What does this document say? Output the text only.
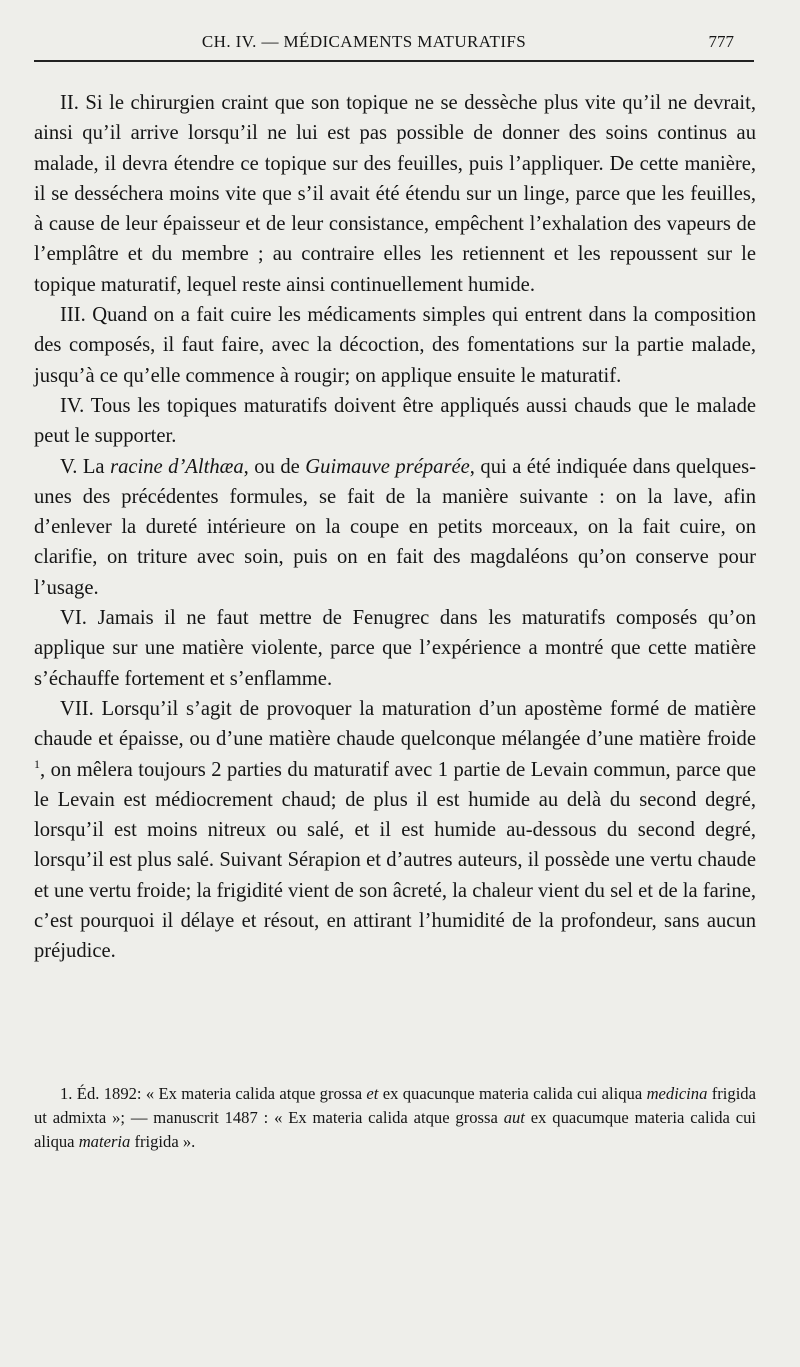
CH. IV. — MÉDICAMENTS MATURATIFS	777

II. Si le chirurgien craint que son topique ne se dessèche plus vite qu’il ne devrait, ainsi qu’il arrive lorsqu’il ne lui est pas possible de donner des soins continus au malade, il devra étendre ce topique sur des feuilles, puis l’appliquer. De cette manière, il se desséchera moins vite que s’il avait été étendu sur un linge, parce que les feuilles, à cause de leur épaisseur et de leur consistance, empêchent l’exhalation des vapeurs de l’emplâtre et du membre ; au contraire elles les retiennent et les repoussent sur le topique maturatif, lequel reste ainsi continuellement humide.

III. Quand on a fait cuire les médicaments simples qui entrent dans la composition des composés, il faut faire, avec la décoction, des fomentations sur la partie malade, jusqu’à ce qu’elle commence à rougir; on applique ensuite le maturatif.

IV. Tous les topiques maturatifs doivent être appliqués aussi chauds que le malade peut le supporter.

V. La racine d’Althæa, ou de Guimauve préparée, qui a été indiquée dans quelques-unes des précédentes formules, se fait de la manière suivante : on la lave, afin d’enlever la dureté intérieure on la coupe en petits morceaux, on la fait cuire, on clarifie, on triture avec soin, puis on en fait des magdaléons qu’on conserve pour l’usage.

VI. Jamais il ne faut mettre de Fenugrec dans les maturatifs composés qu’on applique sur une matière violente, parce que l’expérience a montré que cette matière s’échauffe fortement et s’enflamme.

VII. Lorsqu’il s’agit de provoquer la maturation d’un apostème formé de matière chaude et épaisse, ou d’une matière chaude quelconque mélangée d’une matière froide $^1$, on mêlera toujours 2 parties du maturatif avec 1 partie de Levain commun, parce que le Levain est médiocrement chaud; de plus il est humide au delà du second degré, lorsqu’il est moins nitreux ou salé, et il est humide au-dessous du second degré, lorsqu’il est plus salé. Suivant Sérapion et d’autres auteurs, il possède une vertu chaude et une vertu froide; la frigidité vient de son âcreté, la chaleur vient du sel et de la farine, c’est pourquoi il délaye et résout, en attirant l’humidité de la profondeur, sans aucun préjudice.

1. Éd. 1892: « Ex materia calida atque grossa et ex quacunque materia calida cui aliqua medicina frigida ut admixta »; — manuscrit 1487 : « Ex materia calida atque grossa aut ex quacumque materia calida cui aliqua materia frigida ».
